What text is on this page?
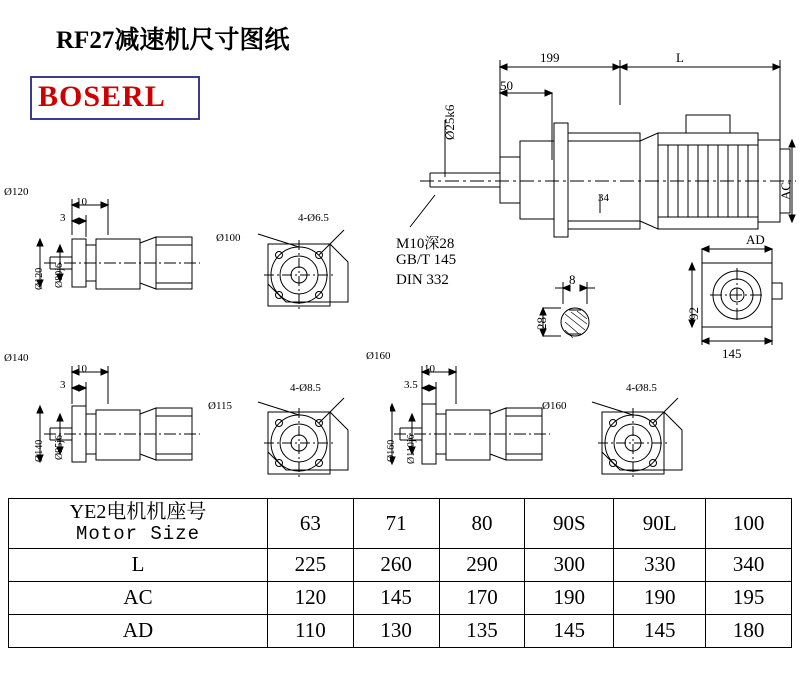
RF27减速机尺寸图纸
BOSERL
199	L
50
Ø25k6
34	AC
M10深28
GB/T 145
DIN 332	8
28
AD
92
145
Ø120
10
3
Ø120 Ø80j6
4-Ø6.5
Ø100
Ø140
10
3
Ø140 Ø95j6
4-Ø8.5
Ø115
Ø160
10
3.5
Ø160 Ø110j6
4-Ø8.5
Ø160
YE2电机机座号
Motor Size	63	71	80	90S	90L	100
L	225	260	290	300	330	340
AC	120	145	170	190	190	195
AD	110	130	135	145	145	180
